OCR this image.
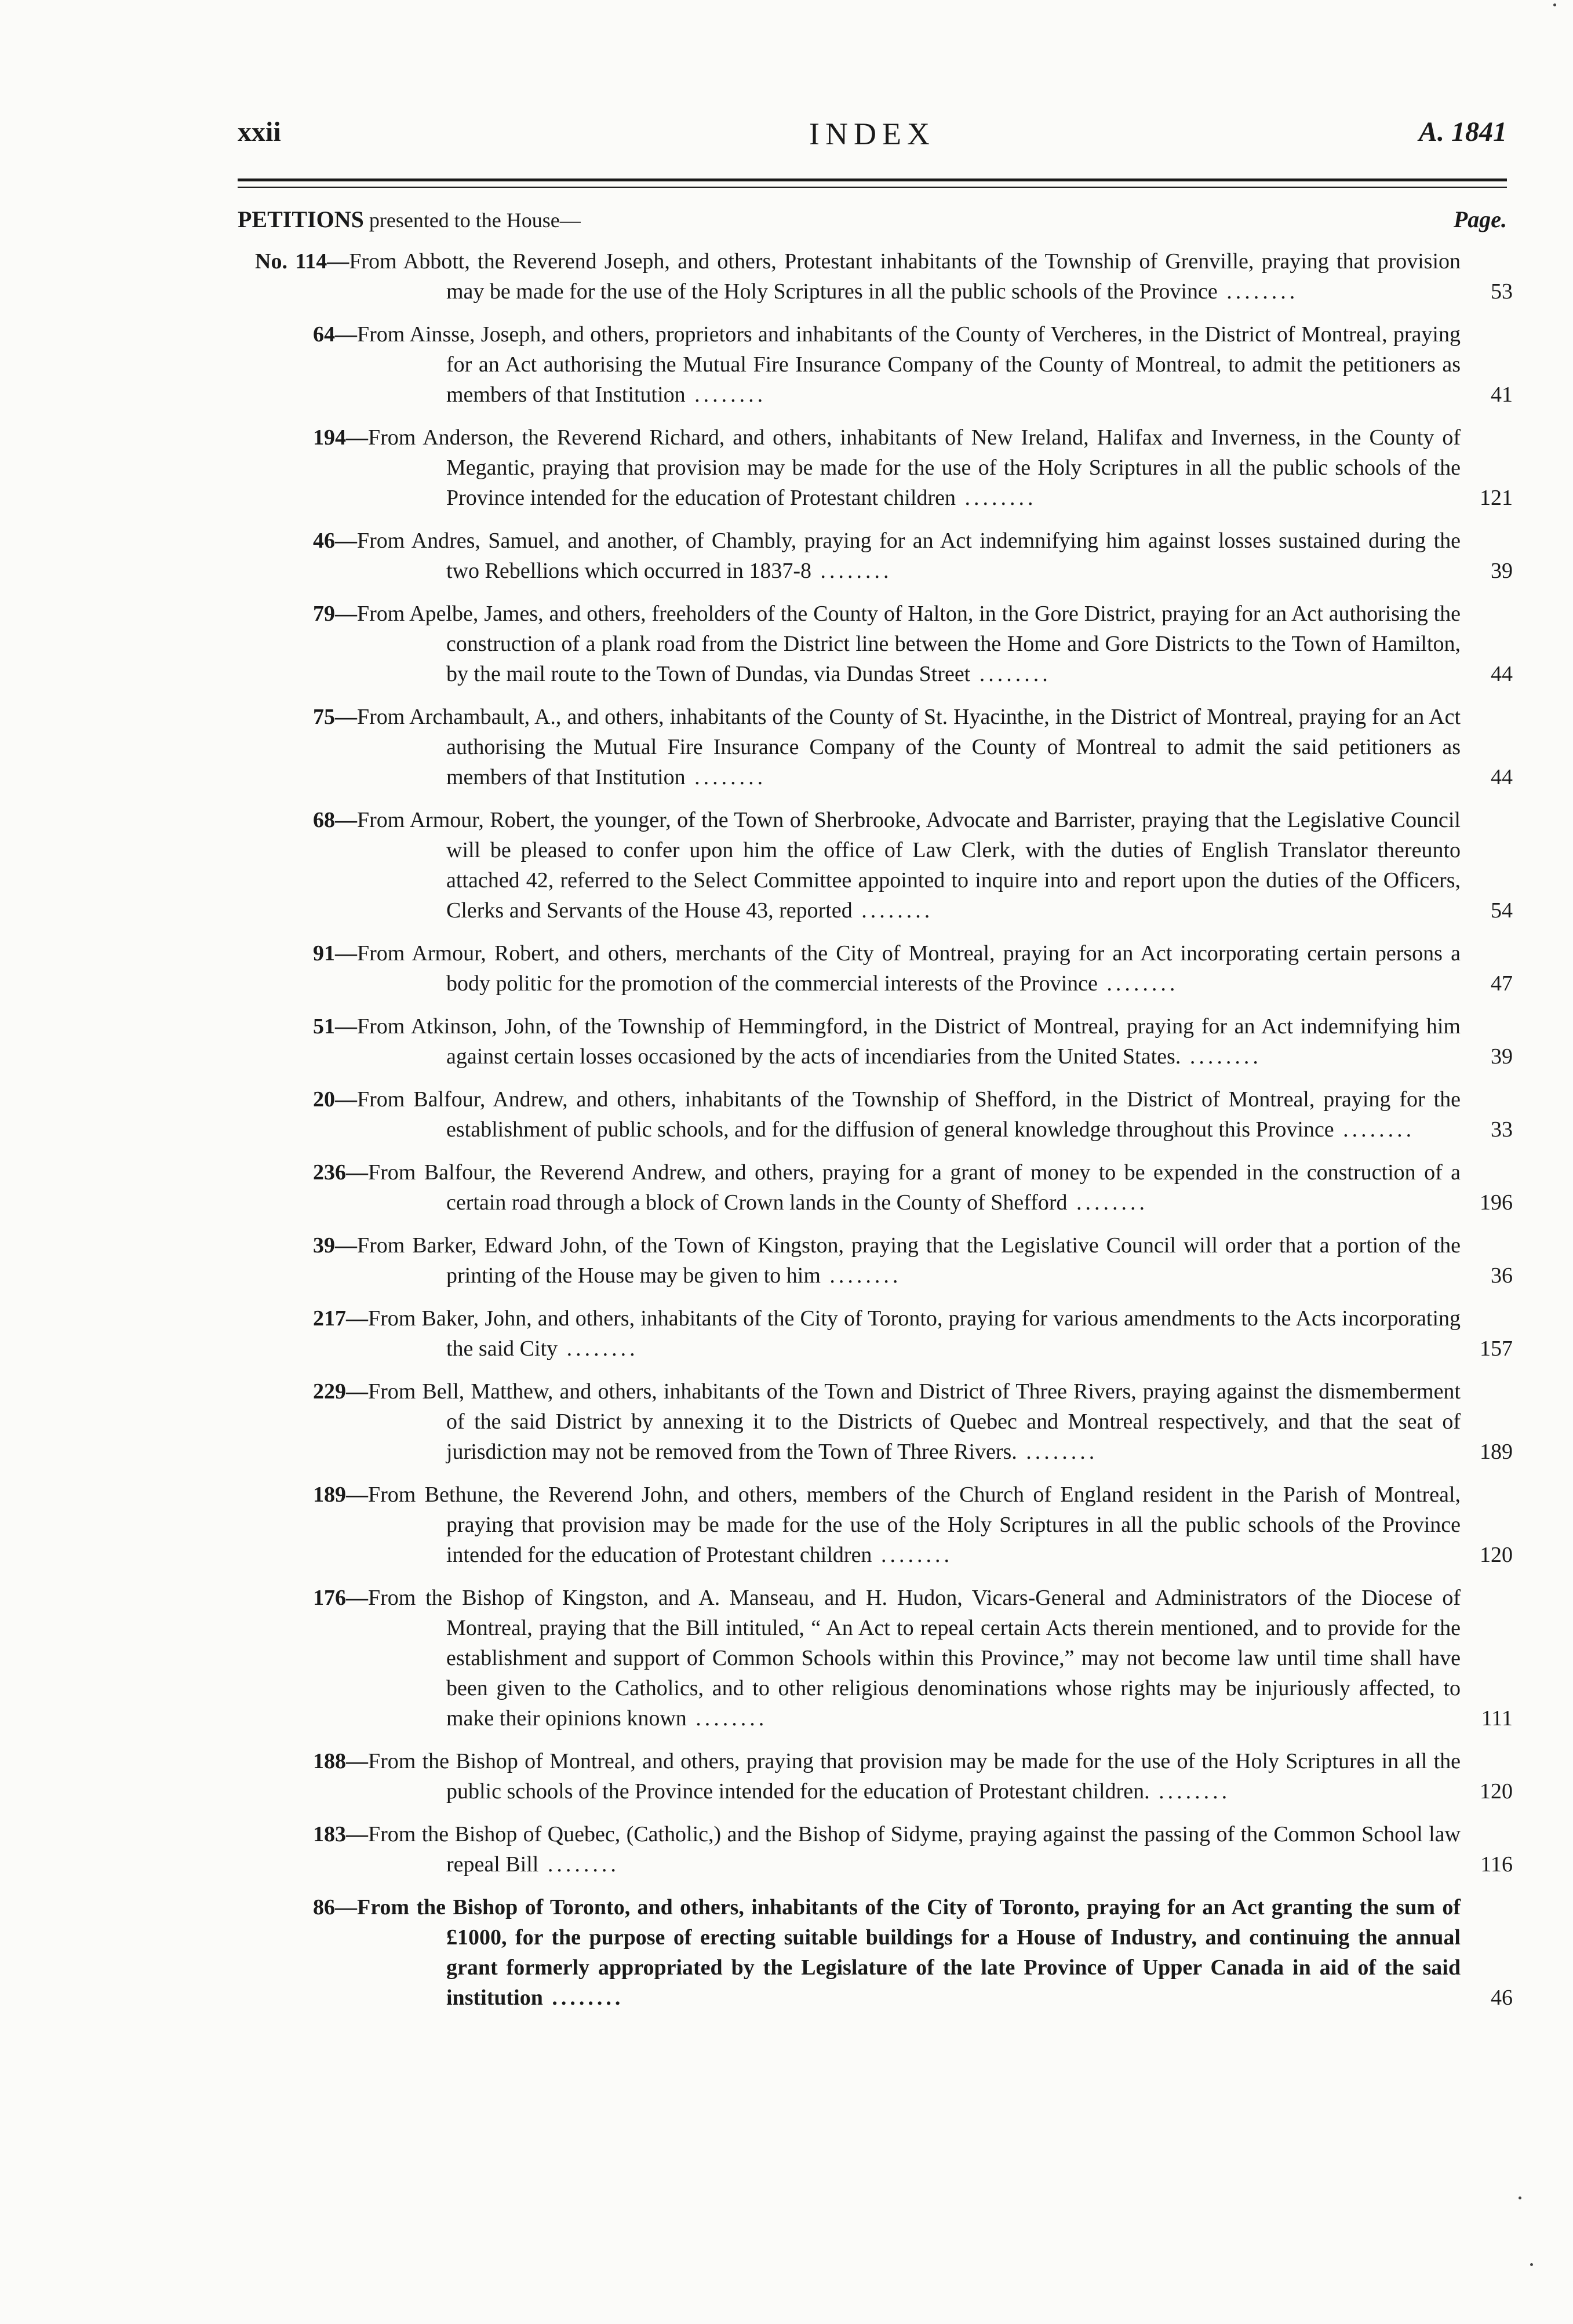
xxii	INDEX	A. 1841
PETITIONS presented to the House—	Page.
No. 114—From Abbott, the Reverend Joseph, and others, Protestant inhabitants of the Township of Grenville, praying that provision may be made for the use of the Holy Scriptures in all the public schools of the Province ........	53
64—From Ainsse, Joseph, and others, proprietors and inhabitants of the County of Vercheres, in the District of Montreal, praying for an Act authorising the Mutual Fire Insurance Company of the County of Montreal, to admit the petitioners as members of that Institution ........	41
194—From Anderson, the Reverend Richard, and others, inhabitants of New Ireland, Halifax and Inverness, in the County of Megantic, praying that provision may be made for the use of the Holy Scriptures in all the public schools of the Province intended for the education of Protestant children ........	121
46—From Andres, Samuel, and another, of Chambly, praying for an Act indemnifying him against losses sustained during the two Rebellions which occurred in 1837-8 ........	39
79—From Apelbe, James, and others, freeholders of the County of Halton, in the Gore District, praying for an Act authorising the construction of a plank road from the District line between the Home and Gore Districts to the Town of Hamilton, by the mail route to the Town of Dundas, via Dundas Street ........	44
75—From Archambault, A., and others, inhabitants of the County of St. Hyacinthe, in the District of Montreal, praying for an Act authorising the Mutual Fire Insurance Company of the County of Montreal to admit the said petitioners as members of that Institution ........	44
68—From Armour, Robert, the younger, of the Town of Sherbrooke, Advocate and Barrister, praying that the Legislative Council will be pleased to confer upon him the office of Law Clerk, with the duties of English Translator thereunto attached 42, referred to the Select Committee appointed to inquire into and report upon the duties of the Officers, Clerks and Servants of the House 43, reported ........	54
91—From Armour, Robert, and others, merchants of the City of Montreal, praying for an Act incorporating certain persons a body politic for the promotion of the commercial interests of the Province ........	47
51—From Atkinson, John, of the Township of Hemmingford, in the District of Montreal, praying for an Act indemnifying him against certain losses occasioned by the acts of incendiaries from the United States. ........	39
20—From Balfour, Andrew, and others, inhabitants of the Township of Shefford, in the District of Montreal, praying for the establishment of public schools, and for the diffusion of general knowledge throughout this Province ........	33
236—From Balfour, the Reverend Andrew, and others, praying for a grant of money to be expended in the construction of a certain road through a block of Crown lands in the County of Shefford ........	196
39—From Barker, Edward John, of the Town of Kingston, praying that the Legislative Council will order that a portion of the printing of the House may be given to him ........	36
217—From Baker, John, and others, inhabitants of the City of Toronto, praying for various amendments to the Acts incorporating the said City ........	157
229—From Bell, Matthew, and others, inhabitants of the Town and District of Three Rivers, praying against the dismemberment of the said District by annexing it to the Districts of Quebec and Montreal respectively, and that the seat of jurisdiction may not be removed from the Town of Three Rivers. ........	189
189—From Bethune, the Reverend John, and others, members of the Church of England resident in the Parish of Montreal, praying that provision may be made for the use of the Holy Scriptures in all the public schools of the Province intended for the education of Protestant children ........	120
176—From the Bishop of Kingston, and A. Manseau, and H. Hudon, Vicars-General and Administrators of the Diocese of Montreal, praying that the Bill intituled, “ An Act to repeal certain Acts therein mentioned, and to provide for the establishment and support of Common Schools within this Province,” may not become law until time shall have been given to the Catholics, and to other religious denominations whose rights may be injuriously affected, to make their opinions known ........	111
188—From the Bishop of Montreal, and others, praying that provision may be made for the use of the Holy Scriptures in all the public schools of the Province intended for the education of Protestant children. ........	120
183—From the Bishop of Quebec, (Catholic,) and the Bishop of Sidyme, praying against the passing of the Common School law repeal Bill ........	116
86—From the Bishop of Toronto, and others, inhabitants of the City of Toronto, praying for an Act granting the sum of £1000, for the purpose of erecting suitable buildings for a House of Industry, and continuing the annual grant formerly appropriated by the Legislature of the late Province of Upper Canada in aid of the said institution ........	46
